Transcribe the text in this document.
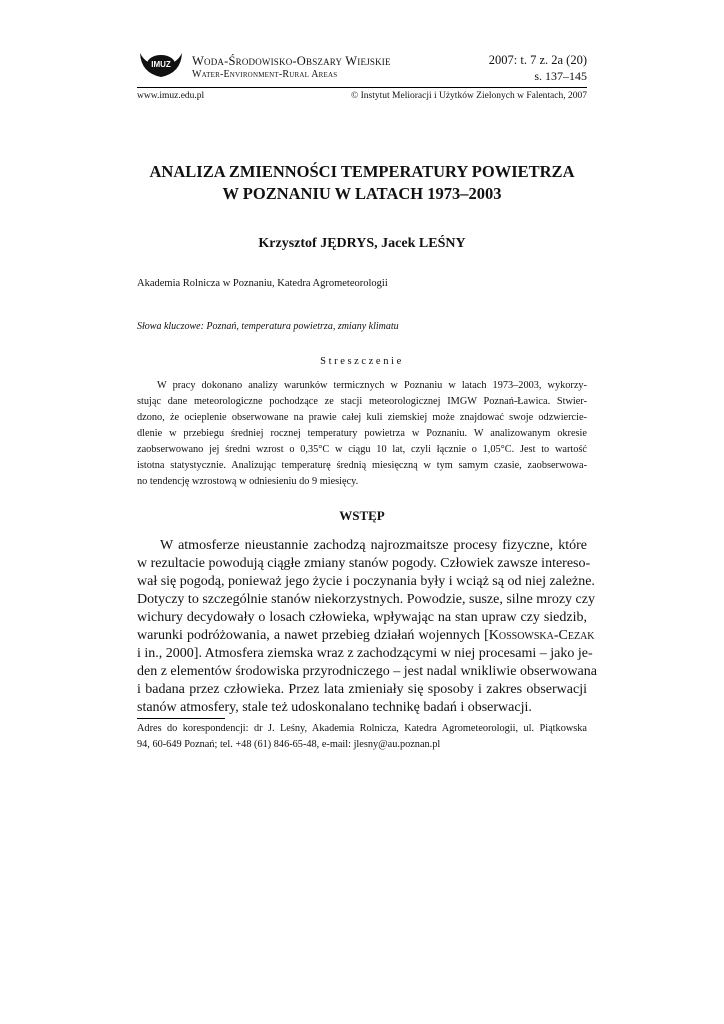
IMUZ Woda-Środowisko-Obszary Wiejskie
Water-Environment-Rural Areas
2007: t. 7 z. 2a (20)
s. 137–145
www.imuz.edu.pl	© Instytut Melioracji i Użytków Zielonych w Falentach, 2007
ANALIZA ZMIENNOŚCI TEMPERATURY POWIETRZA
W POZNANIU W LATACH 1973–2003
Krzysztof JĘDRYS, Jacek LEŚNY
Akademia Rolnicza w Poznaniu, Katedra Agrometeorologii
Słowa kluczowe: Poznań, temperatura powietrza, zmiany klimatu
Streszczenie
W pracy dokonano analizy warunków termicznych w Poznaniu w latach 1973–2003, wykorzy-
stując dane meteorologiczne pochodzące ze stacji meteorologicznej IMGW Poznań-Ławica. Stwier-
dzono, że ocieplenie obserwowane na prawie całej kuli ziemskiej może znajdować swoje odzwiercie-
dlenie w przebiegu średniej rocznej temperatury powietrza w Poznaniu. W analizowanym okresie
zaobserwowano jej średni wzrost o 0,35°C w ciągu 10 lat, czyli łącznie o 1,05°C. Jest to wartość
istotna statystycznie. Analizując temperaturę średnią miesięczną w tym samym czasie, zaobserwowa-
no tendencję wzrostową w odniesieniu do 9 miesięcy.
WSTĘP
W atmosferze nieustannie zachodzą najrozmaitsze procesy fizyczne, które
w rezultacie powodują ciągłe zmiany stanów pogody. Człowiek zawsze intereso-
wał się pogodą, ponieważ jego życie i poczynania były i wciąż są od niej zależne.
Dotyczy to szczególnie stanów niekorzystnych. Powodzie, susze, silne mrozy czy
wichury decydowały o losach człowieka, wpływając na stan upraw czy siedzib,
warunki podróżowania, a nawet przebieg działań wojennych [Kossowska-Cezak
i in., 2000]. Atmosfera ziemska wraz z zachodzącymi w niej procesami – jako je-
den z elementów środowiska przyrodniczego – jest nadal wnikliwie obserwowana
i badana przez człowieka. Przez lata zmieniały się sposoby i zakres obserwacji
stanów atmosfery, stale też udoskonalano technikę badań i obserwacji.
Adres do korespondencji: dr J. Leśny, Akademia Rolnicza, Katedra Agrometeorologii, ul. Piątkowska
94, 60-649 Poznań; tel. +48 (61) 846-65-48, e-mail: jlesny@au.poznan.pl
